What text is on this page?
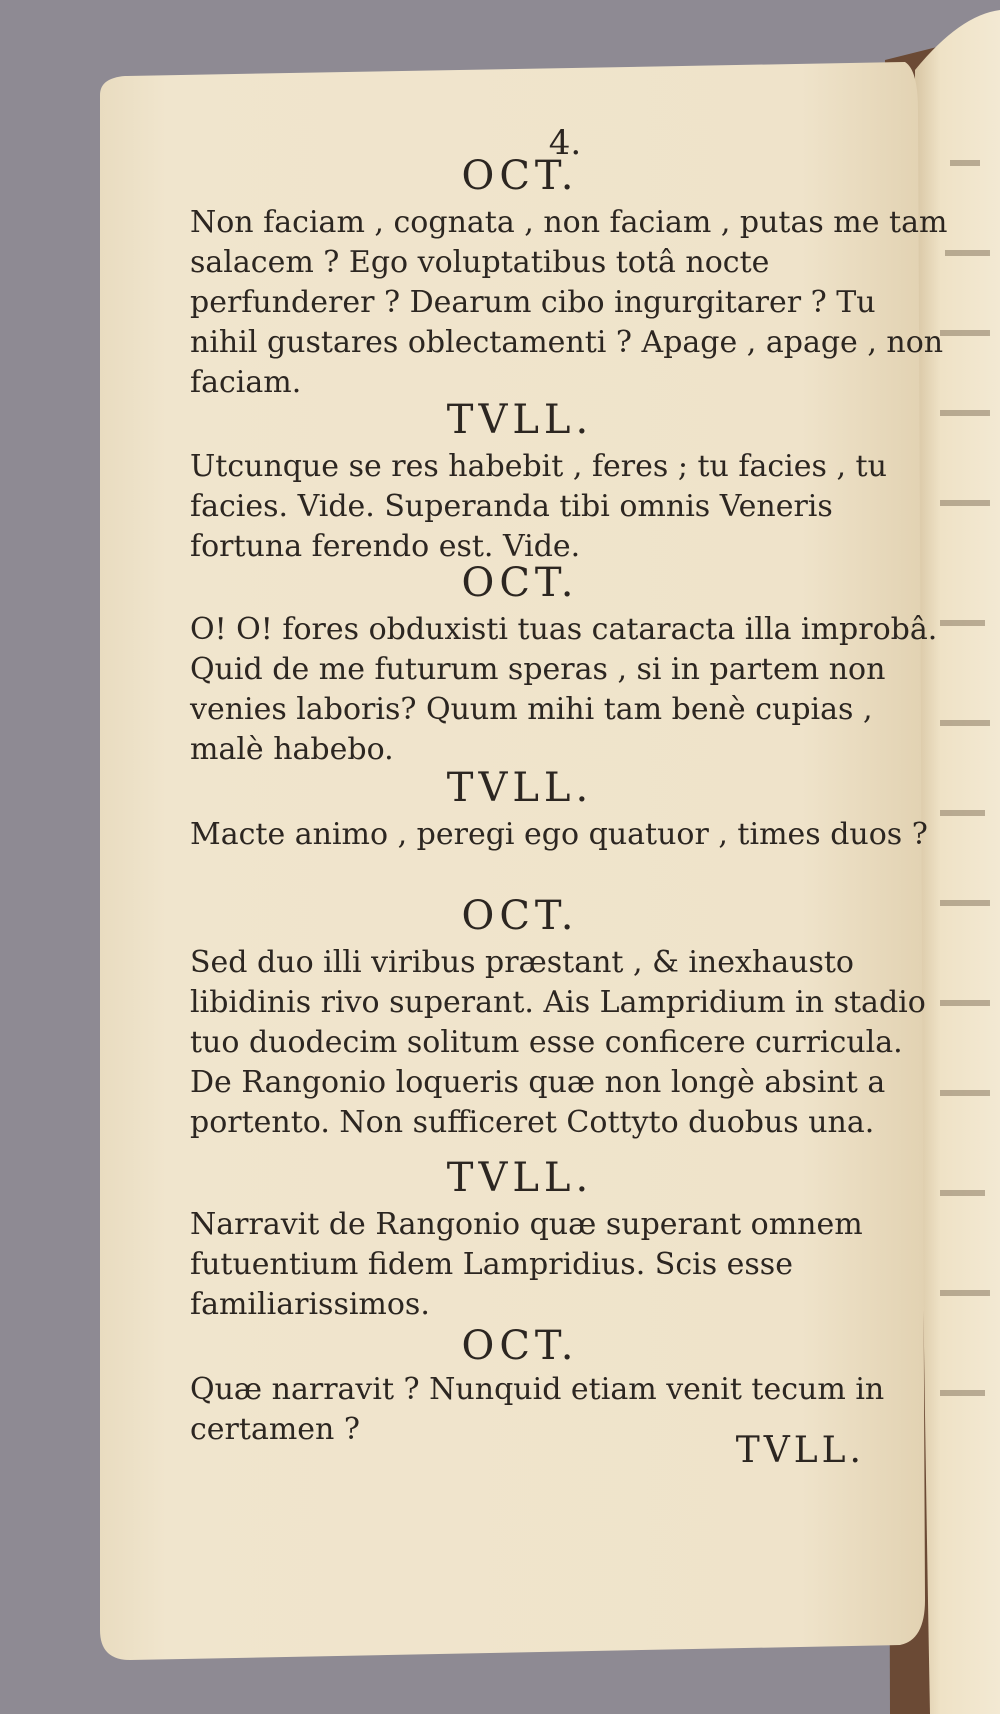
4.
OCT.

Non faciam , cognata , non faciam , putas me tam salacem ? Ego voluptatibus totâ nocte perfunderer ? Dearum cibo ingurgitarer ? Tu nihil gustares oblectamenti ? Apage , apage , non faciam.

TVLL.

Utcunque se res habebit , feres ; tu facies , tu facies. Vide. Superanda tibi omnis Veneris fortuna ferendo est. Vide.

OCT.

O! O! fores obduxisti tuas cataracta illa improbâ. Quid de me futurum speras , si in partem non venies laboris? Quum mihi tam benè cupias , malè habebo.

TVLL.

Macte animo , peregi ego quatuor , times duos ?

OCT.

Sed duo illi viribus præstant , & inexhausto libidinis rivo superant. Ais Lampridium in stadio tuo duodecim solitum esse conficere curricula. De Rangonio loqueris quæ non longè absint a portento. Non sufficeret Cottyto duobus una.

TVLL.

Narravit de Rangonio quæ superant omnem futuentium fidem Lampridius. Scis esse familiarissimos.

OCT.

Quæ narravit ? Nunquid etiam venit tecum in certamen ?

TVLL.
